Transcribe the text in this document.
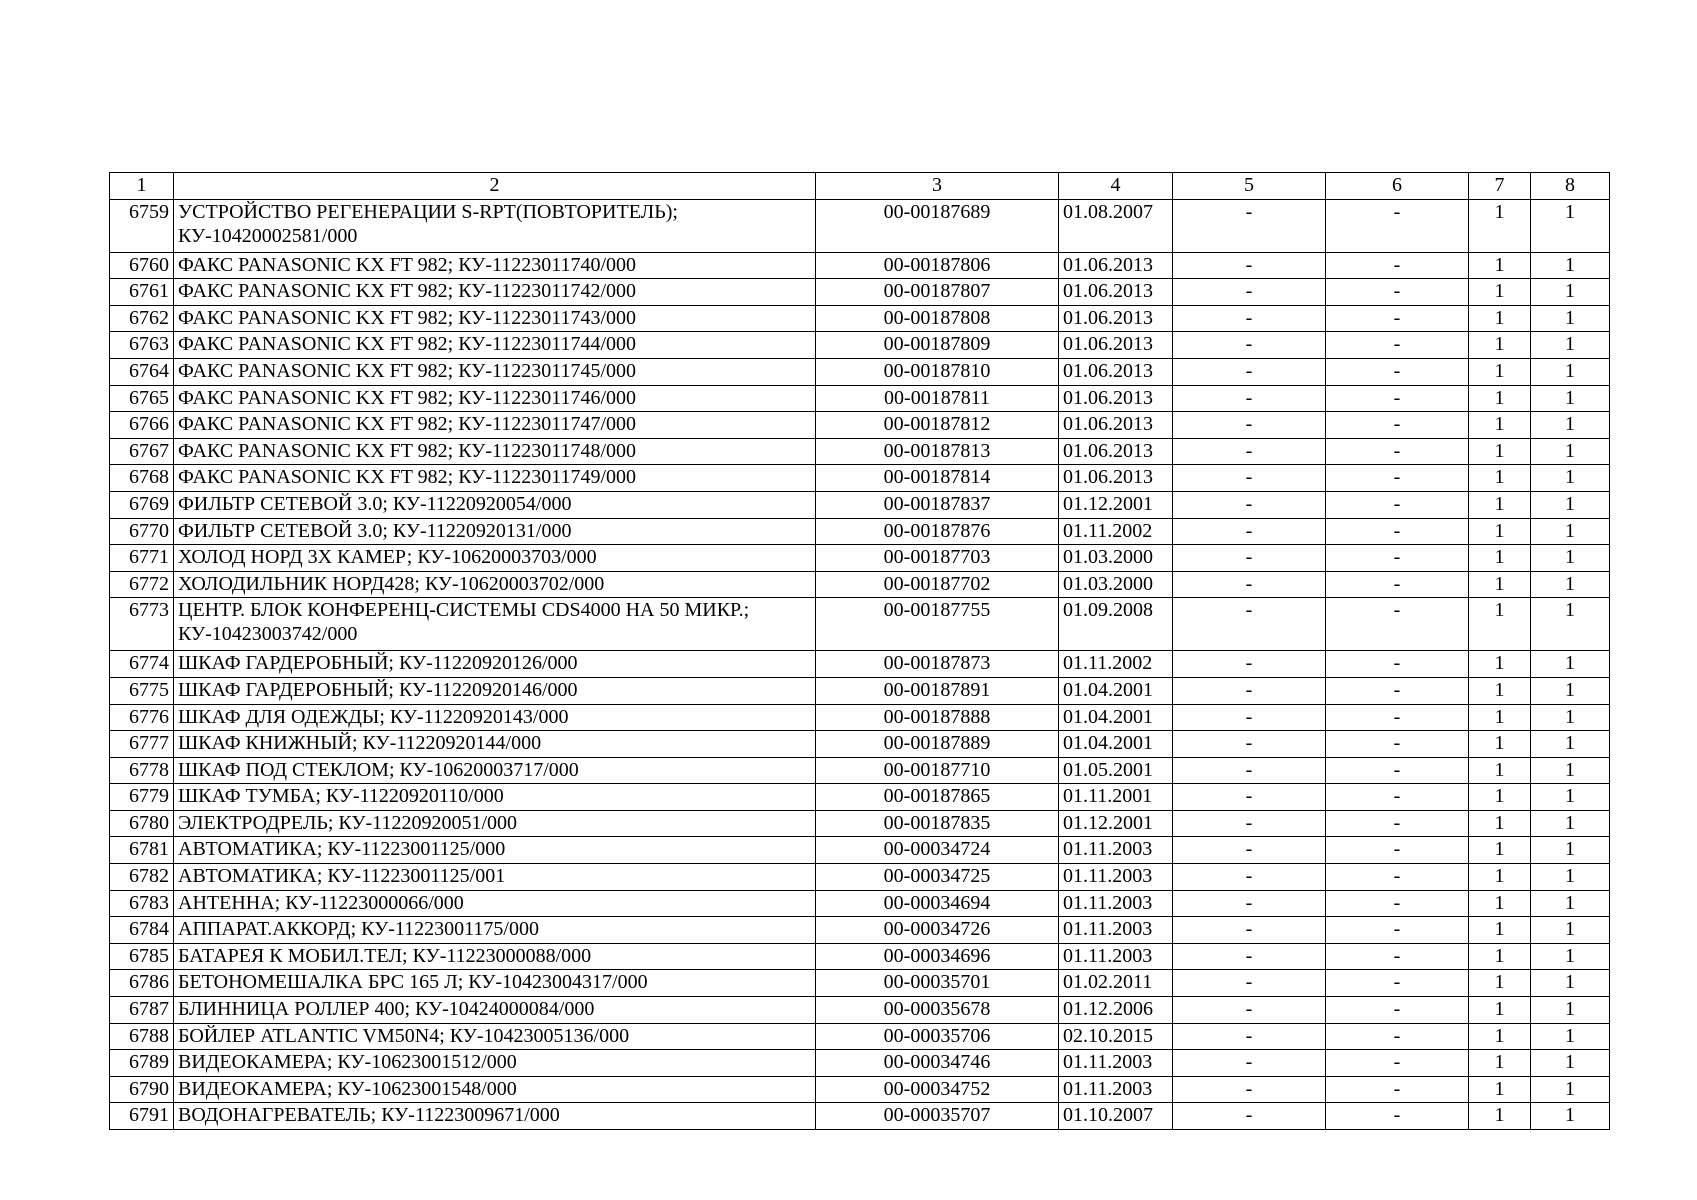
1	2	3	4	5	6	7	8
6759	УСТРОЙСТВО РЕГЕНЕРАЦИИ S-RPT(ПОВТОРИТЕЛЬ); КУ-10420002581/000	00-00187689	01.08.2007	-	-	1	1
6760	ФАКС PANASONIC KX FT 982; КУ-11223011740/000	00-00187806	01.06.2013	-	-	1	1
6761	ФАКС PANASONIC KX FT 982; КУ-11223011742/000	00-00187807	01.06.2013	-	-	1	1
6762	ФАКС PANASONIC KX FT 982; КУ-11223011743/000	00-00187808	01.06.2013	-	-	1	1
6763	ФАКС PANASONIC KX FT 982; КУ-11223011744/000	00-00187809	01.06.2013	-	-	1	1
6764	ФАКС PANASONIC KX FT 982; КУ-11223011745/000	00-00187810	01.06.2013	-	-	1	1
6765	ФАКС PANASONIC KX FT 982; КУ-11223011746/000	00-00187811	01.06.2013	-	-	1	1
6766	ФАКС PANASONIC KX FT 982; КУ-11223011747/000	00-00187812	01.06.2013	-	-	1	1
6767	ФАКС PANASONIC KX FT 982; КУ-11223011748/000	00-00187813	01.06.2013	-	-	1	1
6768	ФАКС PANASONIC KX FT 982; КУ-11223011749/000	00-00187814	01.06.2013	-	-	1	1
6769	ФИЛЬТР СЕТЕВОЙ 3.0; КУ-11220920054/000	00-00187837	01.12.2001	-	-	1	1
6770	ФИЛЬТР СЕТЕВОЙ 3.0; КУ-11220920131/000	00-00187876	01.11.2002	-	-	1	1
6771	ХОЛОД НОРД 3Х КАМЕР; КУ-10620003703/000	00-00187703	01.03.2000	-	-	1	1
6772	ХОЛОДИЛЬНИК НОРД428; КУ-10620003702/000	00-00187702	01.03.2000	-	-	1	1
6773	ЦЕНТР. БЛОК КОНФЕРЕНЦ-СИСТЕМЫ CDS4000 НА 50 МИКР.; КУ-10423003742/000	00-00187755	01.09.2008	-	-	1	1
6774	ШКАФ ГАРДЕРОБНЫЙ; КУ-11220920126/000	00-00187873	01.11.2002	-	-	1	1
6775	ШКАФ ГАРДЕРОБНЫЙ; КУ-11220920146/000	00-00187891	01.04.2001	-	-	1	1
6776	ШКАФ ДЛЯ ОДЕЖДЫ; КУ-11220920143/000	00-00187888	01.04.2001	-	-	1	1
6777	ШКАФ КНИЖНЫЙ; КУ-11220920144/000	00-00187889	01.04.2001	-	-	1	1
6778	ШКАФ ПОД СТЕКЛОМ; КУ-10620003717/000	00-00187710	01.05.2001	-	-	1	1
6779	ШКАФ ТУМБА; КУ-11220920110/000	00-00187865	01.11.2001	-	-	1	1
6780	ЭЛЕКТРОДРЕЛЬ; КУ-11220920051/000	00-00187835	01.12.2001	-	-	1	1
6781	АВТОМАТИКА; КУ-11223001125/000	00-00034724	01.11.2003	-	-	1	1
6782	АВТОМАТИКА; КУ-11223001125/001	00-00034725	01.11.2003	-	-	1	1
6783	АНТЕННА; КУ-11223000066/000	00-00034694	01.11.2003	-	-	1	1
6784	АППАРАТ.АККОРД; КУ-11223001175/000	00-00034726	01.11.2003	-	-	1	1
6785	БАТАРЕЯ К МОБИЛ.ТЕЛ; КУ-11223000088/000	00-00034696	01.11.2003	-	-	1	1
6786	БЕТОНОМЕШАЛКА БРС 165 Л; КУ-10423004317/000	00-00035701	01.02.2011	-	-	1	1
6787	БЛИННИЦА РОЛЛЕР 400; КУ-10424000084/000	00-00035678	01.12.2006	-	-	1	1
6788	БОЙЛЕР ATLANTIC VM50N4; КУ-10423005136/000	00-00035706	02.10.2015	-	-	1	1
6789	ВИДЕОКАМЕРА; КУ-10623001512/000	00-00034746	01.11.2003	-	-	1	1
6790	ВИДЕОКАМЕРА; КУ-10623001548/000	00-00034752	01.11.2003	-	-	1	1
6791	ВОДОНАГРЕВАТЕЛЬ; КУ-11223009671/000	00-00035707	01.10.2007	-	-	1	1
